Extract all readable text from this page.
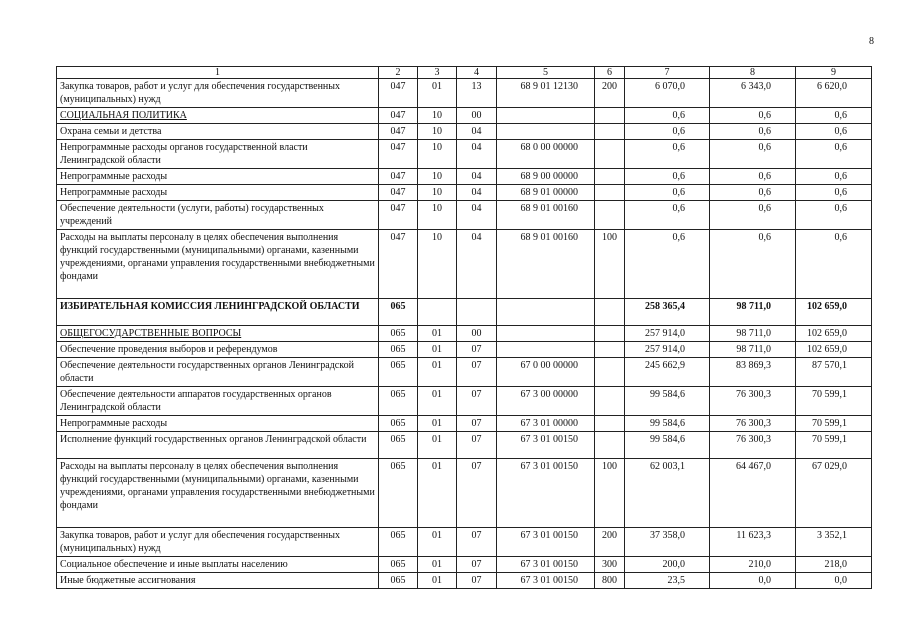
8
1	2	3	4	5	6	7	8	9
Закупка товаров, работ и услуг для обеспечения государственных (муниципальных) нужд	047	01	13	68 9 01 12130	200	6 070,0	6 343,0	6 620,0
СОЦИАЛЬНАЯ ПОЛИТИКА	047	10	00			0,6	0,6	0,6
Охрана семьи и детства	047	10	04			0,6	0,6	0,6
Непрограммные расходы органов государственной власти Ленинградской области	047	10	04	68 0 00 00000		0,6	0,6	0,6
Непрограммные расходы	047	10	04	68 9 00 00000		0,6	0,6	0,6
Непрограммные расходы	047	10	04	68 9 01 00000		0,6	0,6	0,6
Обеспечение деятельности (услуги, работы) государственных учреждений	047	10	04	68 9 01 00160		0,6	0,6	0,6
Расходы на выплаты персоналу в целях обеспечения выполнения функций государственными (муниципальными) органами, казенными учреждениями, органами управления государственными внебюджетными фондами	047	10	04	68 9 01 00160	100	0,6	0,6	0,6
ИЗБИРАТЕЛЬНАЯ КОМИССИЯ ЛЕНИНГРАДСКОЙ ОБЛАСТИ	065					258 365,4	98 711,0	102 659,0
ОБЩЕГОСУДАРСТВЕННЫЕ ВОПРОСЫ	065	01	00			257 914,0	98 711,0	102 659,0
Обеспечение проведения выборов и референдумов	065	01	07			257 914,0	98 711,0	102 659,0
Обеспечение деятельности государственных органов Ленинградской области	065	01	07	67 0 00 00000		245 662,9	83 869,3	87 570,1
Обеспечение деятельности аппаратов государственных органов Ленинградской области	065	01	07	67 3 00 00000		99 584,6	76 300,3	70 599,1
Непрограммные расходы	065	01	07	67 3 01 00000		99 584,6	76 300,3	70 599,1
Исполнение функций государственных органов Ленинградской области	065	01	07	67 3 01 00150		99 584,6	76 300,3	70 599,1
Расходы на выплаты персоналу в целях обеспечения выполнения функций государственными (муниципальными) органами, казенными учреждениями, органами управления государственными внебюджетными фондами	065	01	07	67 3 01 00150	100	62 003,1	64 467,0	67 029,0
Закупка товаров, работ и услуг для обеспечения государственных (муниципальных) нужд	065	01	07	67 3 01 00150	200	37 358,0	11 623,3	3 352,1
Социальное обеспечение и иные выплаты населению	065	01	07	67 3 01 00150	300	200,0	210,0	218,0
Иные бюджетные ассигнования	065	01	07	67 3 01 00150	800	23,5	0,0	0,0
